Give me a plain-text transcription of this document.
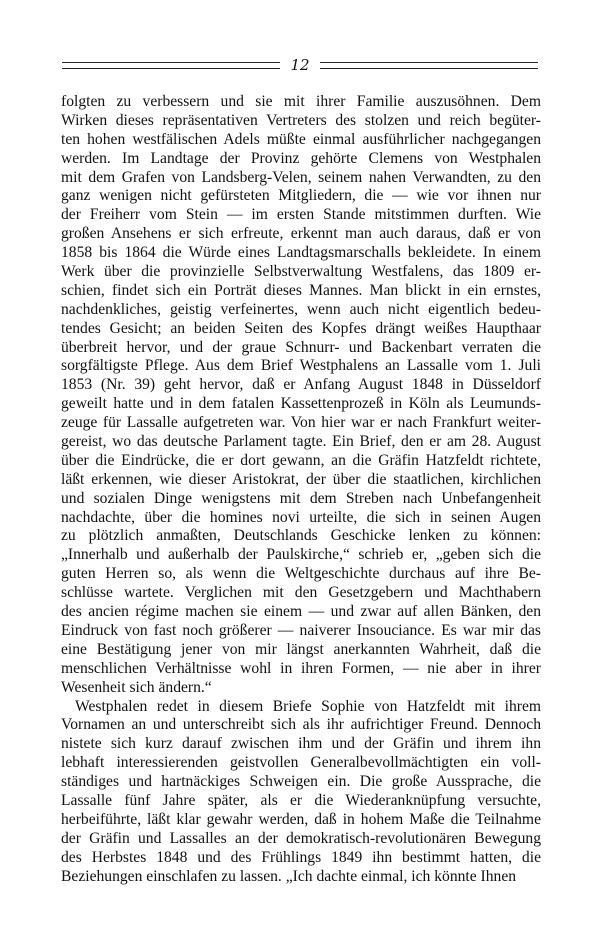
12
folgten zu verbessern und sie mit ihrer Familie auszusöhnen. Dem
Wirken dieses repräsentativen Vertreters des stolzen und reich begüter-
ten hohen westfälischen Adels müßte einmal ausführlicher nachgegangen
werden. Im Landtage der Provinz gehörte Clemens von Westphalen
mit dem Grafen von Landsberg-Velen, seinem nahen Verwandten, zu den
ganz wenigen nicht gefürsteten Mitgliedern, die — wie vor ihnen nur
der Freiherr vom Stein — im ersten Stande mitstimmen durften. Wie
großen Ansehens er sich erfreute, erkennt man auch daraus, daß er von
1858 bis 1864 die Würde eines Landtagsmarschalls bekleidete. In einem
Werk über die provinzielle Selbstverwaltung Westfalens, das 1809 er-
schien, findet sich ein Porträt dieses Mannes. Man blickt in ein ernstes,
nachdenkliches, geistig verfeinertes, wenn auch nicht eigentlich bedeu-
tendes Gesicht; an beiden Seiten des Kopfes drängt weißes Haupthaar
überbreit hervor, und der graue Schnurr- und Backenbart verraten die
sorgfältigste Pflege. Aus dem Brief Westphalens an Lassalle vom 1. Juli
1853 (Nr. 39) geht hervor, daß er Anfang August 1848 in Düsseldorf
geweilt hatte und in dem fatalen Kassettenprozeß in Köln als Leumunds-
zeuge für Lassalle aufgetreten war. Von hier war er nach Frankfurt weiter-
gereist, wo das deutsche Parlament tagte. Ein Brief, den er am 28. August
über die Eindrücke, die er dort gewann, an die Gräfin Hatzfeldt richtete,
läßt erkennen, wie dieser Aristokrat, der über die staatlichen, kirchlichen
und sozialen Dinge wenigstens mit dem Streben nach Unbefangenheit
nachdachte, über die homines novi urteilte, die sich in seinen Augen
zu plötzlich anmaßten, Deutschlands Geschicke lenken zu können:
„Innerhalb und außerhalb der Paulskirche,“ schrieb er, „geben sich die
guten Herren so, als wenn die Weltgeschichte durchaus auf ihre Be-
schlüsse wartete. Verglichen mit den Gesetzgebern und Machthabern
des ancien régime machen sie einem — und zwar auf allen Bänken, den
Eindruck von fast noch größerer — naiverer Insouciance. Es war mir das
eine Bestätigung jener von mir längst anerkannten Wahrheit, daß die
menschlichen Verhältnisse wohl in ihren Formen, — nie aber in ihrer
Wesenheit sich ändern.“
Westphalen redet in diesem Briefe Sophie von Hatzfeldt mit ihrem
Vornamen an und unterschreibt sich als ihr aufrichtiger Freund. Dennoch
nistete sich kurz darauf zwischen ihm und der Gräfin und ihrem ihn
lebhaft interessierenden geistvollen Generalbevollmächtigten ein voll-
ständiges und hartnäckiges Schweigen ein. Die große Aussprache, die
Lassalle fünf Jahre später, als er die Wiederanknüpfung versuchte,
herbeiführte, läßt klar gewahr werden, daß in hohem Maße die Teilnahme
der Gräfin und Lassalles an der demokratisch-revolutionären Bewegung
des Herbstes 1848 und des Frühlings 1849 ihn bestimmt hatten, die
Beziehungen einschlafen zu lassen. „Ich dachte einmal, ich könnte Ihnen
